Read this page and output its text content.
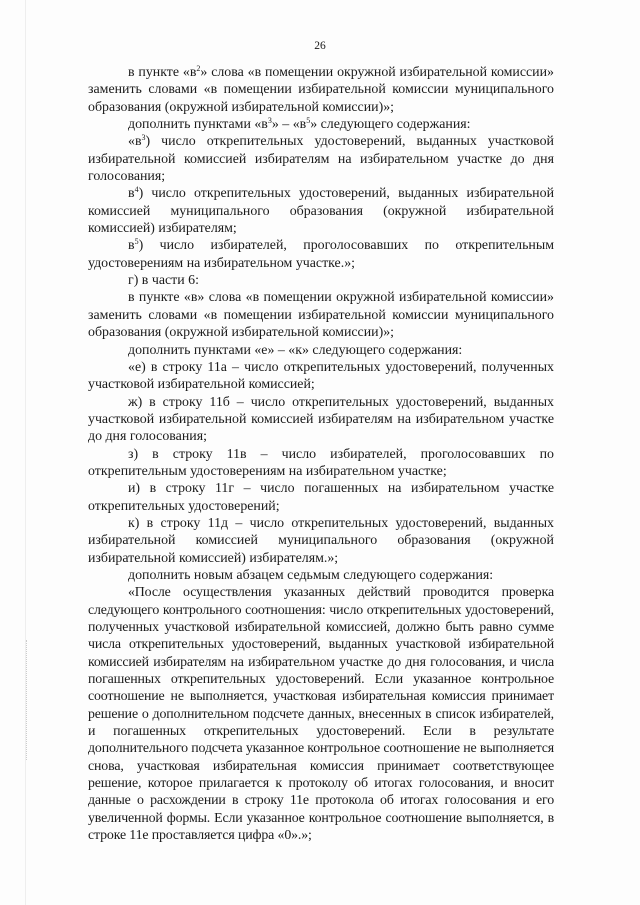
26

в пункте «$в^2$» слова «в помещении окружной избирательной комиссии» заменить словами «в помещении избирательной комиссии муниципального образования (окружной избирательной комиссии)»;

дополнить пунктами «$в^3$» – «$в^5$» следующего содержания:

«$в^3$) число открепительных удостоверений, выданных участковой избирательной комиссией избирателям на избирательном участке до дня голосования;

$в^4$) число открепительных удостоверений, выданных избирательной комиссией муниципального образования (окружной избирательной комиссией) избирателям;

$в^5$) число избирателей, проголосовавших по открепительным удостоверениям на избирательном участке.»;

г) в части 6:

в пункте «в» слова «в помещении окружной избирательной комиссии» заменить словами «в помещении избирательной комиссии муниципального образования (окружной избирательной комиссии)»;

дополнить пунктами «е» – «к» следующего содержания:

«е) в строку 11а – число открепительных удостоверений, полученных участковой избирательной комиссией;

ж) в строку 11б – число открепительных удостоверений, выданных участковой избирательной комиссией избирателям на избирательном участке до дня голосования;

з) в строку 11в – число избирателей, проголосовавших по открепительным удостоверениям на избирательном участке;

и) в строку 11г – число погашенных на избирательном участке открепительных удостоверений;

к) в строку 11д – число открепительных удостоверений, выданных избирательной комиссией муниципального образования (окружной избирательной комиссией) избирателям.»;

дополнить новым абзацем седьмым следующего содержания:

«После осуществления указанных действий проводится проверка следующего контрольного соотношения: число открепительных удостоверений, полученных участковой избирательной комиссией, должно быть равно сумме числа открепительных удостоверений, выданных участковой избирательной комиссией избирателям на избирательном участке до дня голосования, и числа погашенных открепительных удостоверений. Если указанное контрольное соотношение не выполняется, участковая избирательная комиссия принимает решение о дополнительном подсчете данных, внесенных в список избирателей, и погашенных открепительных удостоверений. Если в результате дополнительного подсчета указанное контрольное соотношение не выполняется снова, участковая избирательная комиссия принимает соответствующее решение, которое прилагается к протоколу об итогах голосования, и вносит данные о расхождении в строку 11е протокола об итогах голосования и его увеличенной формы. Если указанное контрольное соотношение выполняется, в строке 11е проставляется цифра «0».»;
